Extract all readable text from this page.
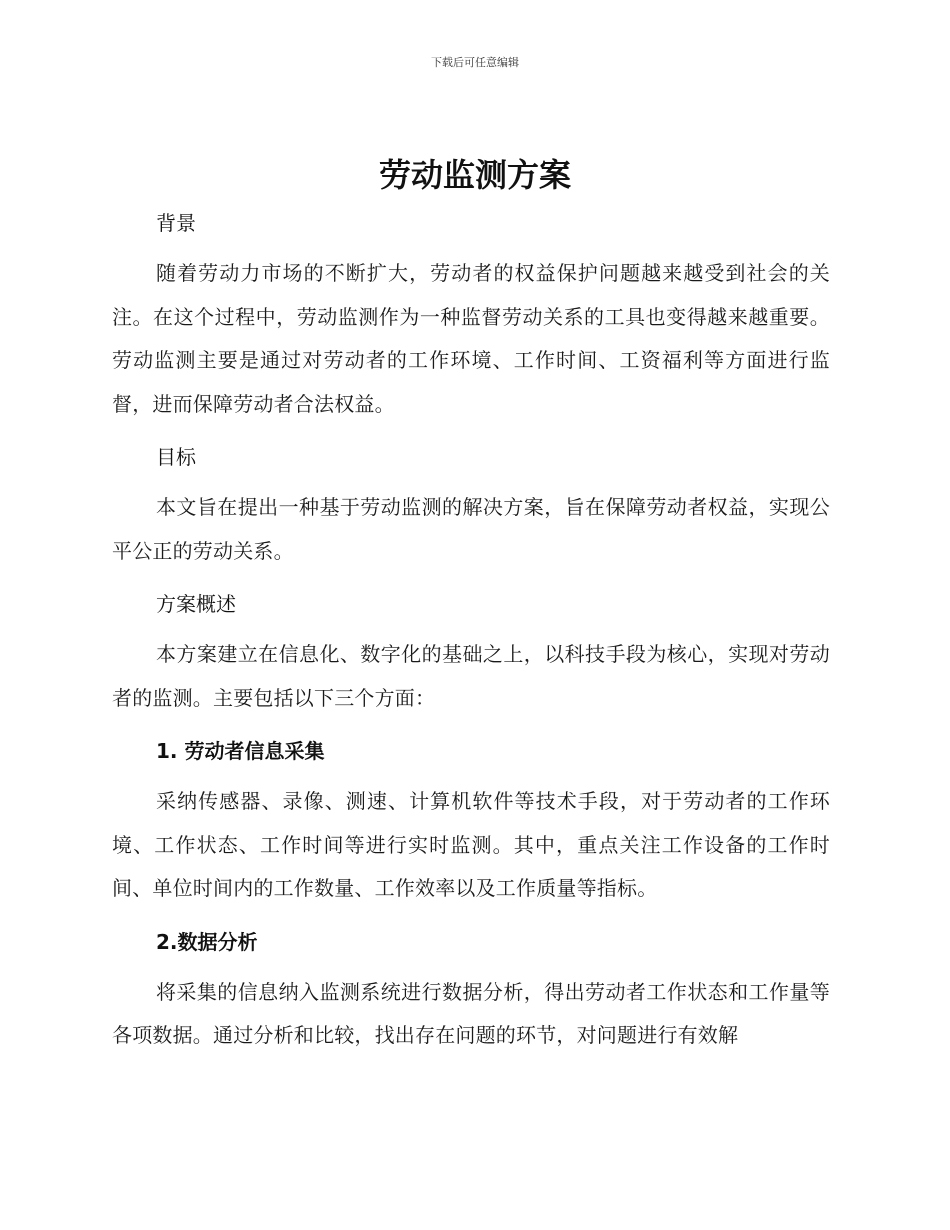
下载后可任意编辑
劳动监测方案
背景

随着劳动力市场的不断扩大，劳动者的权益保护问题越来越受到社会的关注。在这个过程中，劳动监测作为一种监督劳动关系的工具也变得越来越重要。劳动监测主要是通过对劳动者的工作环境、工作时间、工资福利等方面进行监督，进而保障劳动者合法权益。

目标

本文旨在提出一种基于劳动监测的解决方案，旨在保障劳动者权益，实现公平公正的劳动关系。

方案概述

本方案建立在信息化、数字化的基础之上，以科技手段为核心，实现对劳动者的监测。主要包括以下三个方面：

1. 劳动者信息采集

采纳传感器、录像、测速、计算机软件等技术手段，对于劳动者的工作环境、工作状态、工作时间等进行实时监测。其中，重点关注工作设备的工作时间、单位时间内的工作数量、工作效率以及工作质量等指标。

2.数据分析

将采集的信息纳入监测系统进行数据分析，得出劳动者工作状态和工作量等各项数据。通过分析和比较，找出存在问题的环节，对问题进行有效解
